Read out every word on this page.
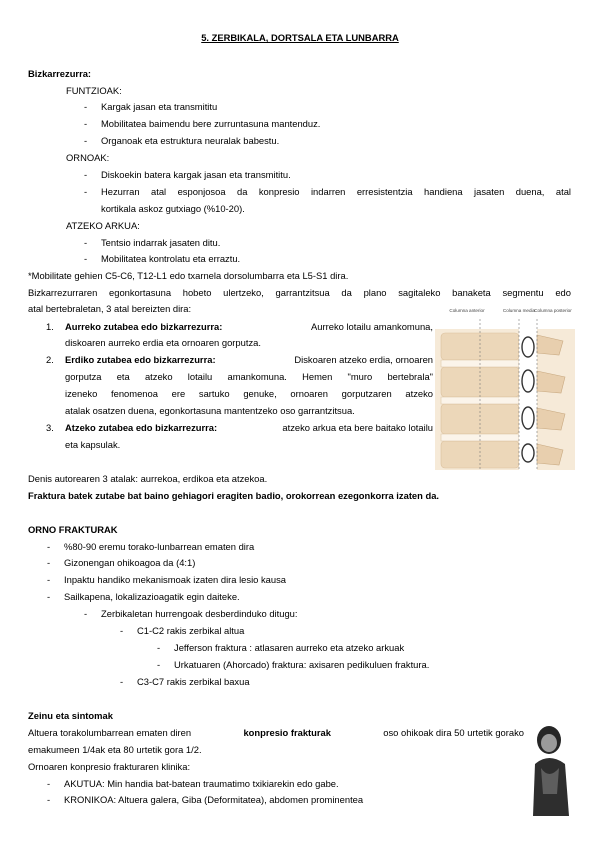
5. ZERBIKALA, DORTSALA ETA LUNBARRA
Bizkarrezurra:
FUNTZIOAK:
- Kargak jasan eta transmititu
- Mobilitatea baimendu bere zurruntasuna mantenduz.
- Organoak eta estruktura neuralak babestu.
ORNOAK:
- Diskoekin batera kargak jasan eta transmititu.
- Hezurran atal esponjosoa da konpresio indarren erresistentzia handiena jasaten duena, atal
kortikala askoz gutxiago (%10-20).
ATZEKO ARKUA:
- Tentsio indarrak jasaten ditu.
- Mobilitatea kontrolatu eta erraztu.
*Mobilitate gehien C5-C6, T12-L1 edo txarnela dorsolumbarra eta L5-S1 dira.
Bizkarrezurraren egonkortasuna hobeto ulertzeko, garrantzitsua da plano sagitaleko banaketa segmentu edo
atal bertebraletan, 3 atal bereizten dira:
1. Aurreko zutabea edo bizkarrezurra:	Aurreko lotailu amankomuna,
diskoaren aurreko erdia eta ornoaren gorputza.
2. Erdiko zutabea edo bizkarrezurra:	Diskoaren atzeko erdia, ornoaren
gorputza eta atzeko lotailu amankomuna. Hemen "muro bertebrala"
izeneko fenomenoa ere sartuko genuke, ornoaren gorputzaren atzeko
atalak osatzen duena, egonkortasuna mantentzeko oso garrantzitsua.
3. Atzeko zutabea edo bizkarrezurra:	atzeko arkua eta bere baitako lotailu
eta kapsulak.
Columna anterior	Columna media Columna posterior
Denis autorearen 3 atalak: aurrekoa, erdikoa eta atzekoa.
Fraktura batek zutabe bat baino gehiagori eragiten badio, orokorrean ezegonkorra izaten da.
ORNO FRAKTURAK
- %80-90 eremu torako-lunbarrean ematen dira
- Gizonengan ohikoagoa da (4:1)
- Inpaktu handiko mekanismoak izaten dira lesio kausa
- Sailkapena, lokalizazioagatik egin daiteke.
- Zerbikaletan hurrengoak desberdinduko ditugu:
- C1-C2 rakis zerbikal altua
- Jefferson fraktura : atlasaren aurreko eta atzeko arkuak
- Urkatuaren (Ahorcado) fraktura: axisaren pedikuluen fraktura.
- C3-C7 rakis zerbikal baxua
Zeinu eta sintomak
Altuera torakolumbarrean ematen diren	konpresio frakturak	oso ohikoak dira 50 urtetik gorako
emakumeen 1/4ak eta 80 urtetik gora 1/2.
Ornoaren konpresio frakturaren klinika:
- AKUTUA: Min handia bat-batean traumatimo txikiarekin edo gabe.
- KRONIKOA: Altuera galera, Giba (Deformitatea), abdomen prominentea
